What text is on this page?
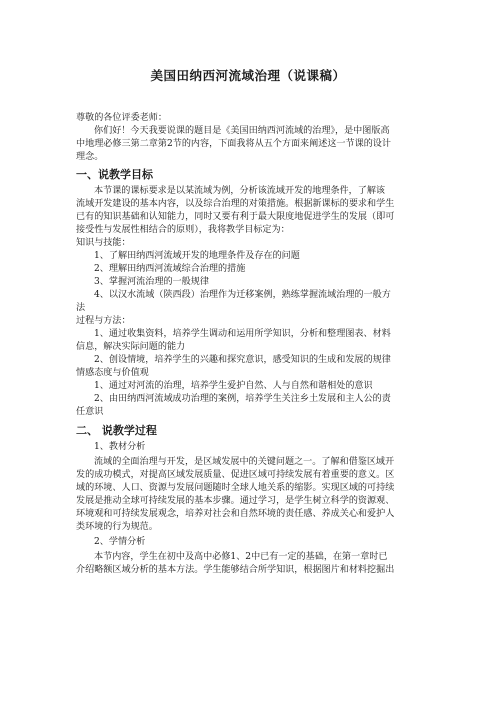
美国田纳西河流域治理（说课稿）
尊敬的各位评委老师：
你们好！今天我要说课的题目是《美国田纳西河流域的治理》，是中图版高
中地理必修三第二章第2节的内容，下面我将从五个方面来阐述这一节课的设计
理念。
一、说教学目标
本节课的课标要求是以某流域为例，分析该流域开发的地理条件，了解该
流域开发建设的基本内容，以及综合治理的对策措施。根据新课标的要求和学生
已有的知识基础和认知能力，同时又要有利于最大限度地促进学生的发展（即可
接受性与发展性相结合的原则），我将教学目标定为：
知识与技能：
1、了解田纳西河流域开发的地理条件及存在的问题
2、理解田纳西河流域综合治理的措施
3、掌握河流治理的一般规律
4、以汉水流域（陕西段）治理作为迁移案例，熟练掌握流域治理的一般方
法
过程与方法：
1、通过收集资料，培养学生调动和运用所学知识，分析和整理图表、材料
信息，解决实际问题的能力
2、创设情境，培养学生的兴趣和探究意识，感受知识的生成和发展的规律
情感态度与价值观
1、通过对河流的治理，培养学生爱护自然、人与自然和谐相处的意识
2、由田纳西河流域成功治理的案例，培养学生关注乡土发展和主人公的责
任意识
二、 说教学过程
1、教材分析
流域的全面治理与开发，是区域发展中的关键问题之一。了解和借鉴区域开
发的成功模式，对提高区域发展质量、促进区域可持续发展有着重要的意义。区
域的环境、人口、资源与发展问题随时全球人地关系的缩影。实现区域的可持续
发展是推动全球可持续发展的基本步骤。通过学习，是学生树立科学的资源观、
环境观和可持续发展观念，培养对社会和自然环境的责任感、养成关心和爱护人
类环境的行为规范。
2、学情分析
本节内容，学生在初中及高中必修1、2中已有一定的基础，在第一章时已
介绍略额区域分析的基本方法。学生能够结合所学知识，根据图片和材料挖掘出
